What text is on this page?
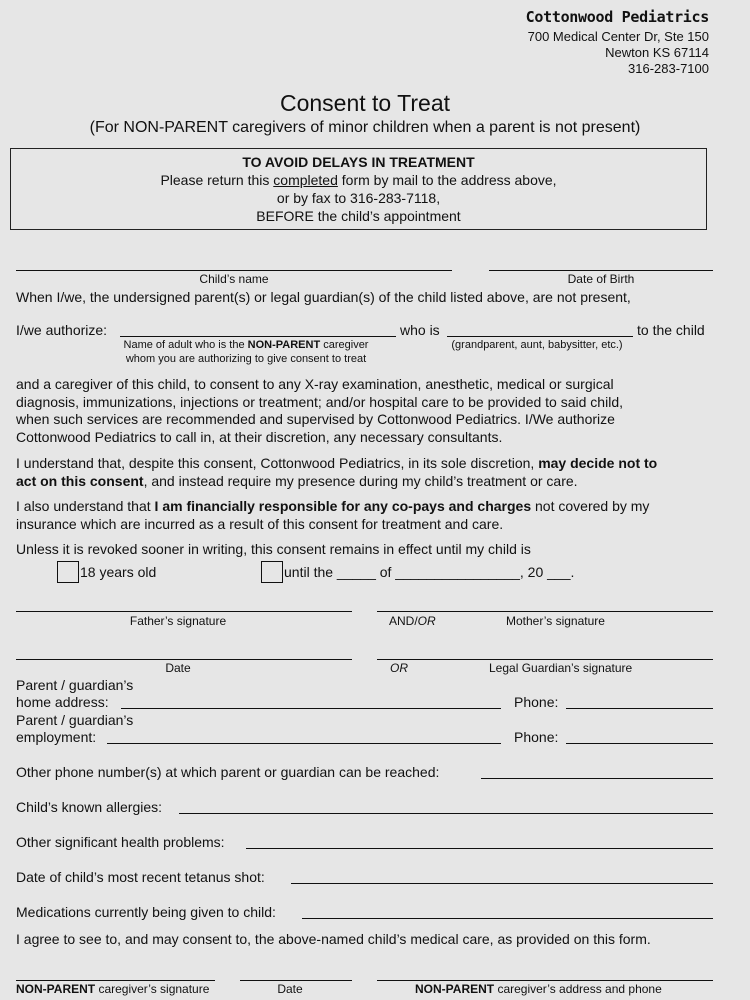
Cottonwood Pediatrics
700 Medical Center Dr, Ste 150
Newton KS 67114
316-283-7100
Consent to Treat
(For NON-PARENT caregivers of minor children when a parent is not present)
TO AVOID DELAYS IN TREATMENT
Please return this completed form by mail to the address above,
or by fax to 316-283-7118,
BEFORE the child’s appointment
Child’s name	Date of Birth
When I/we, the undersigned parent(s) or legal guardian(s) of the child listed above, are not present,
I/we authorize:	who is	to the child
Name of adult who is the NON-PARENT caregiver
whom you are authorizing to give consent to treat
(grandparent, aunt, babysitter, etc.)
and a caregiver of this child, to consent to any X-ray examination, anesthetic, medical or surgical
diagnosis, immunizations, injections or treatment; and/or hospital care to be provided to said child,
when such services are recommended and supervised by Cottonwood Pediatrics. I/We authorize
Cottonwood Pediatrics to call in, at their discretion, any necessary consultants.
I understand that, despite this consent, Cottonwood Pediatrics, in its sole discretion, may decide not to
act on this consent, and instead require my presence during my child’s treatment or care.
I also understand that I am financially responsible for any co-pays and charges not covered by my
insurance which are incurred as a result of this consent for treatment and care.
Unless it is revoked sooner in writing, this consent remains in effect until my child is
18 years old	until the _____ of ________________, 20 ___.
Father’s signature	AND/OR	Mother’s signature
Date	OR	Legal Guardian’s signature
Parent / guardian’s
home address:	Phone:
Parent / guardian’s
employment:	Phone:
Other phone number(s) at which parent or guardian can be reached:
Child’s known allergies:
Other significant health problems:
Date of child’s most recent tetanus shot:
Medications currently being given to child:
I agree to see to, and may consent to, the above-named child’s medical care, as provided on this form.
NON-PARENT caregiver’s signature	Date	NON-PARENT caregiver’s address and phone
